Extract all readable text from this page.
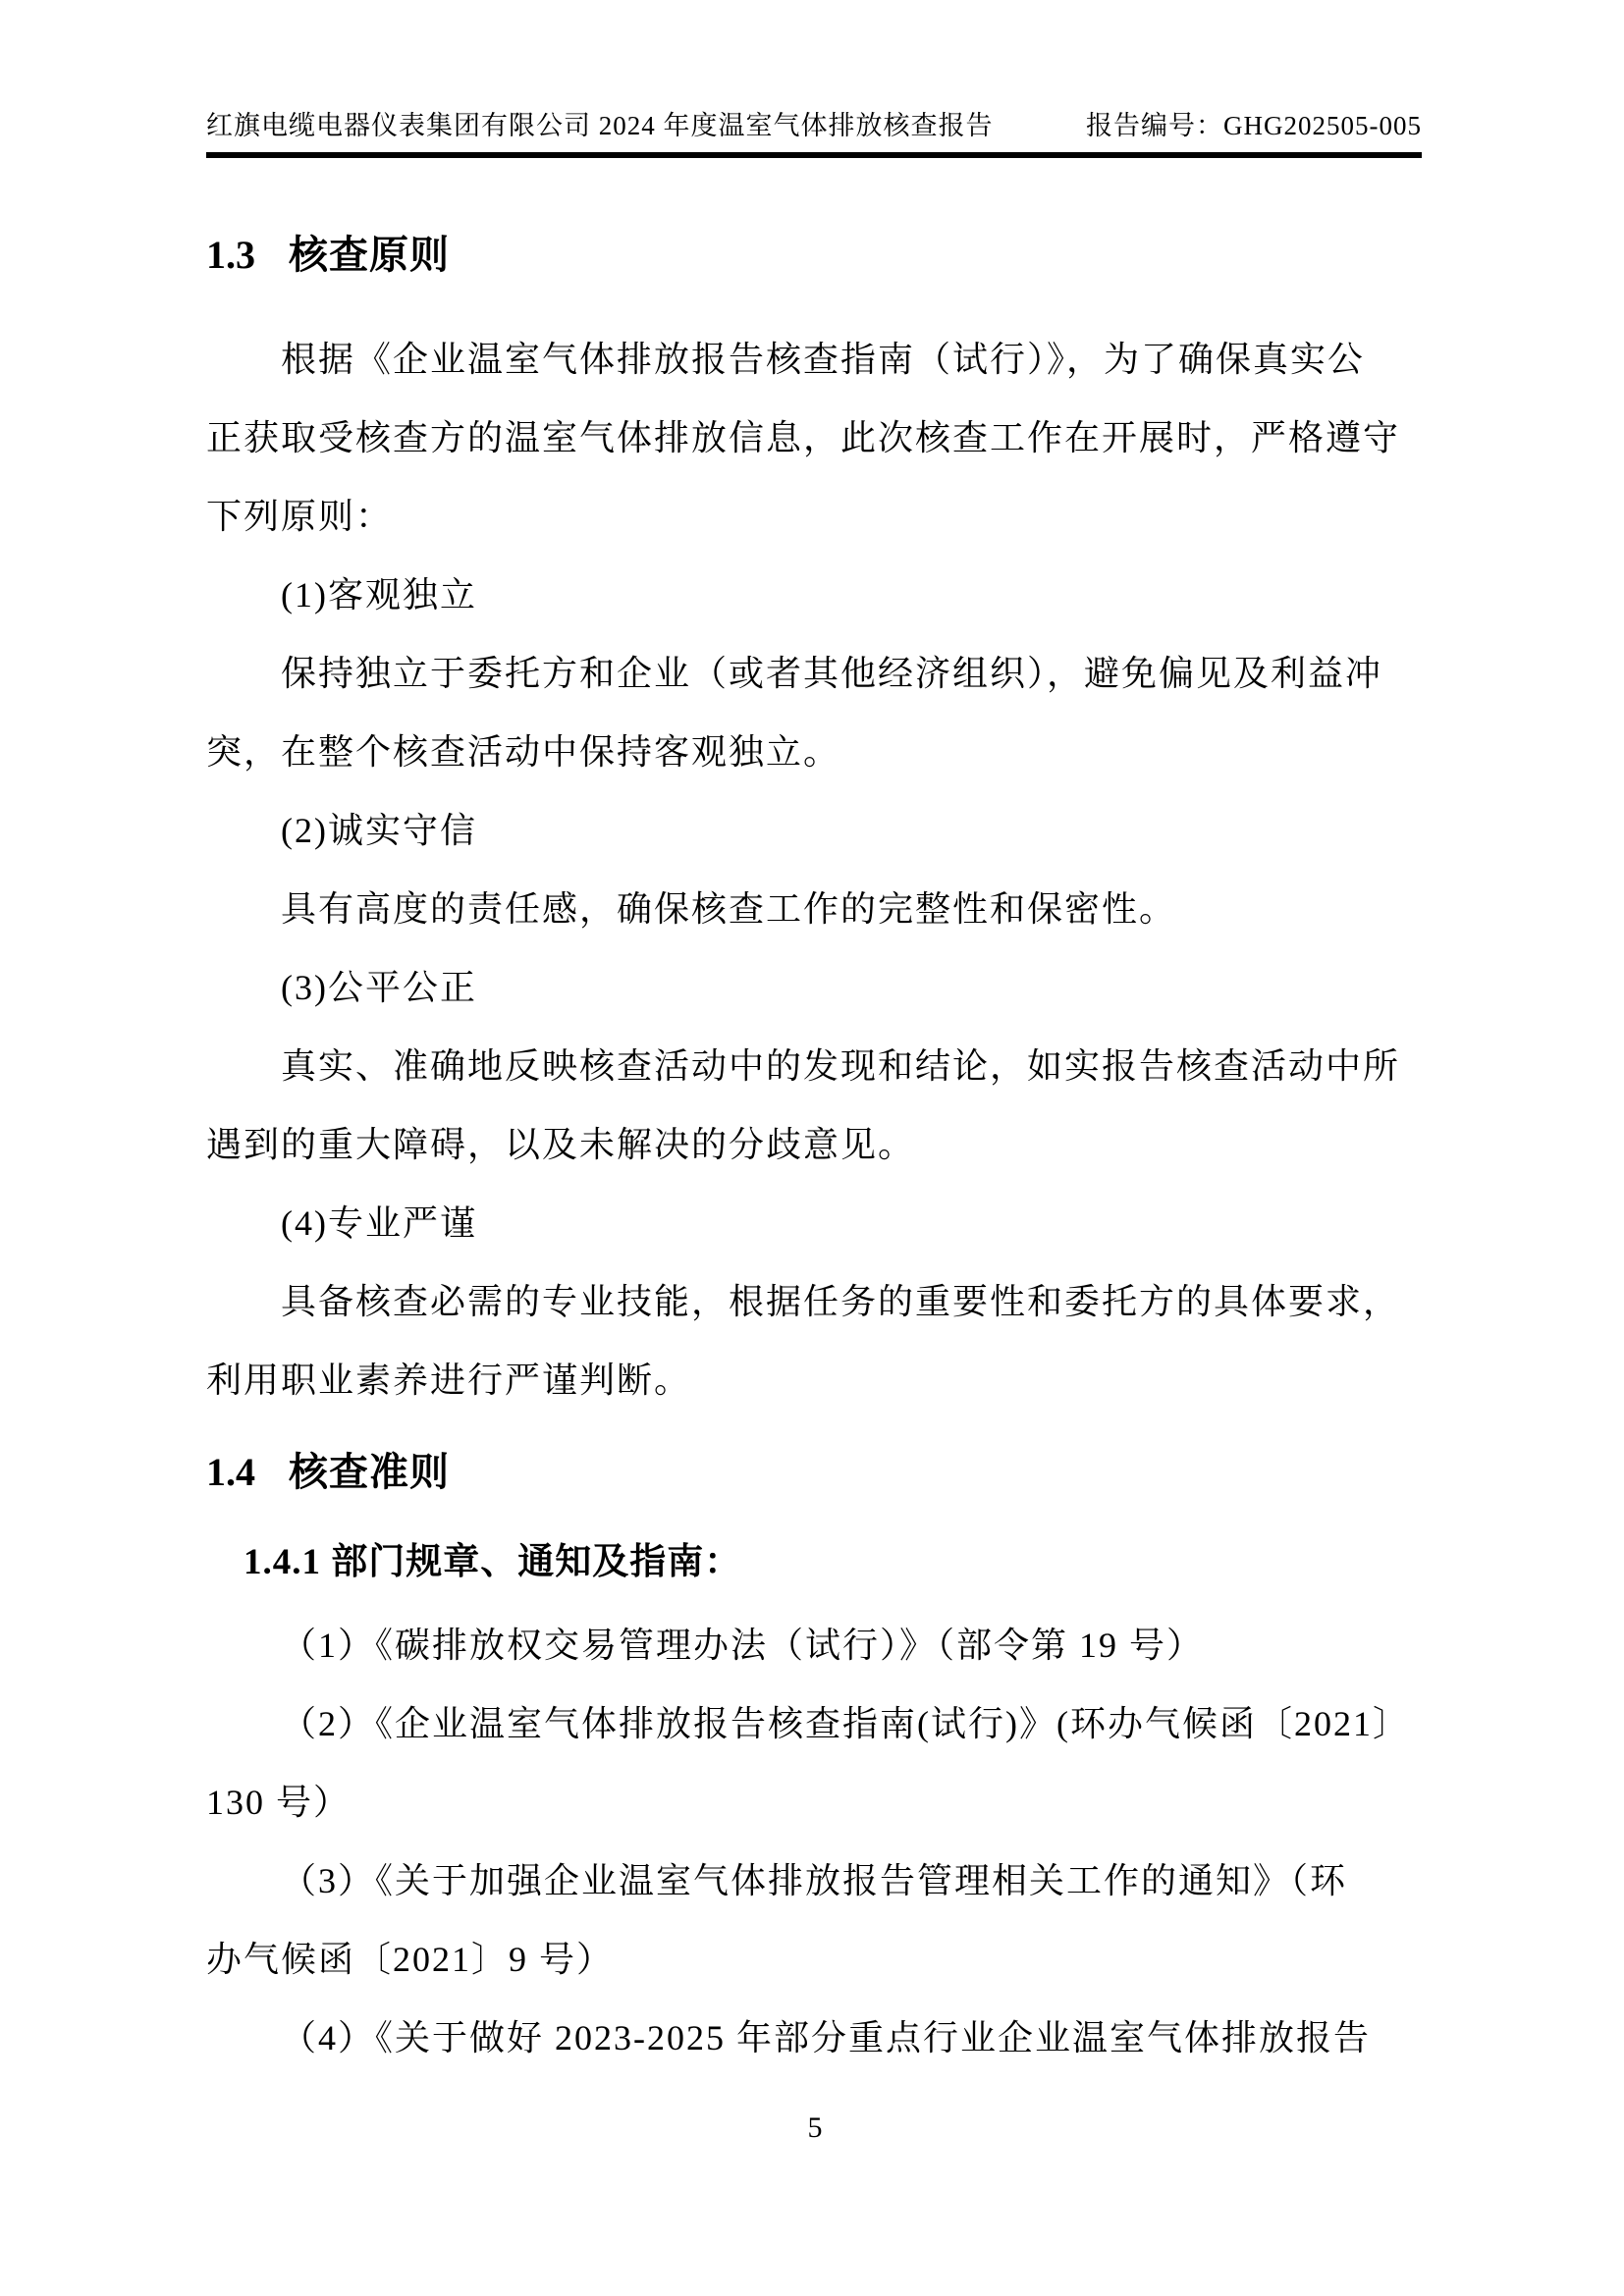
红旗电缆电器仪表集团有限公司 2024 年度温室气体排放核查报告	报告编号：GHG202505-005
1.3 核查原则
根据《企业温室气体排放报告核查指南（试行）》，为了确保真实公
正获取受核查方的温室气体排放信息，此次核查工作在开展时，严格遵守
下列原则：
(1)客观独立
保持独立于委托方和企业（或者其他经济组织），避免偏见及利益冲
突，在整个核查活动中保持客观独立。
(2)诚实守信
具有高度的责任感，确保核查工作的完整性和保密性。
(3)公平公正
真实、准确地反映核查活动中的发现和结论，如实报告核查活动中所
遇到的重大障碍，以及未解决的分歧意见。
(4)专业严谨
具备核查必需的专业技能，根据任务的重要性和委托方的具体要求，
利用职业素养进行严谨判断。
1.4 核查准则
1.4.1 部门规章、通知及指南：
（1）《碳排放权交易管理办法（试行）》（部令第 19 号）
（2）《企业温室气体排放报告核查指南(试行)》(环办气候函〔2021〕
130 号）
（3）《关于加强企业温室气体排放报告管理相关工作的通知》（环
办气候函〔2021〕9 号）
（4）《关于做好 2023-2025 年部分重点行业企业温室气体排放报告
5
